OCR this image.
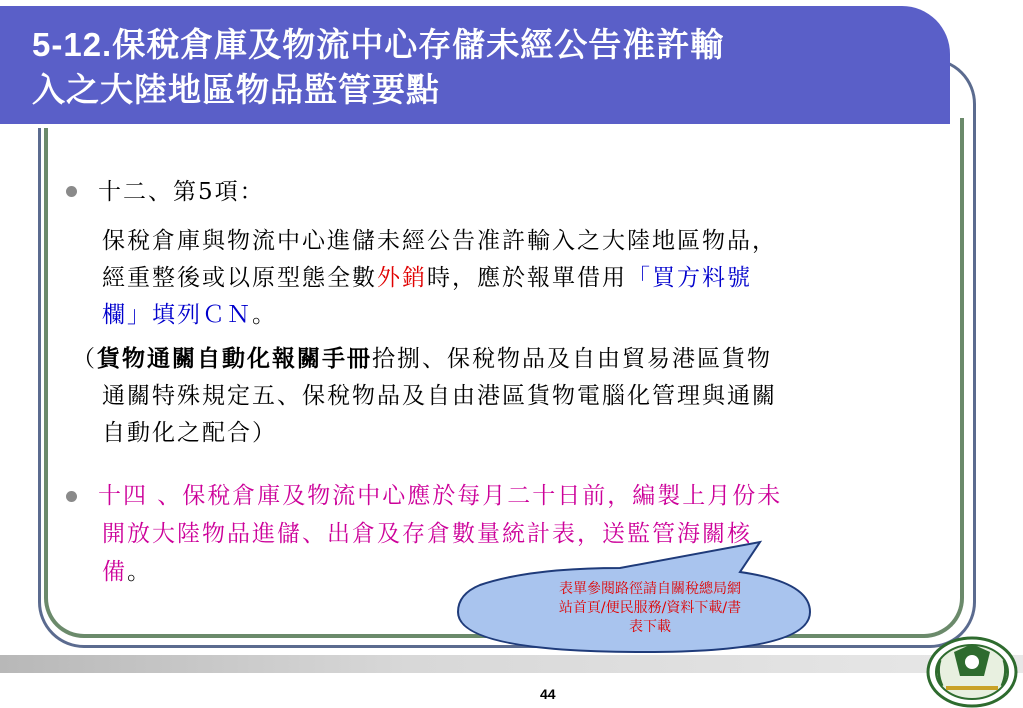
5-12.保稅倉庫及物流中心存儲未經公告准許輸
入之大陸地區物品監管要點
十二、第5項：
保稅倉庫與物流中心進儲未經公告准許輸入之大陸地區物品，
經重整後或以原型態全數外銷時，應於報單借用「買方料號
欄」填列ＣＮ。
（貨物通關自動化報關手冊拾捌、保稅物品及自由貿易港區貨物
通關特殊規定五、保稅物品及自由港區貨物電腦化管理與通關
自動化之配合）
十四 、保稅倉庫及物流中心應於每月二十日前，編製上月份未
開放大陸物品進儲、出倉及存倉數量統計表，送監管海關核
備。
表單參閱路徑請自關稅總局網
站首頁/便民服務/資料下載/書
表下載
44
